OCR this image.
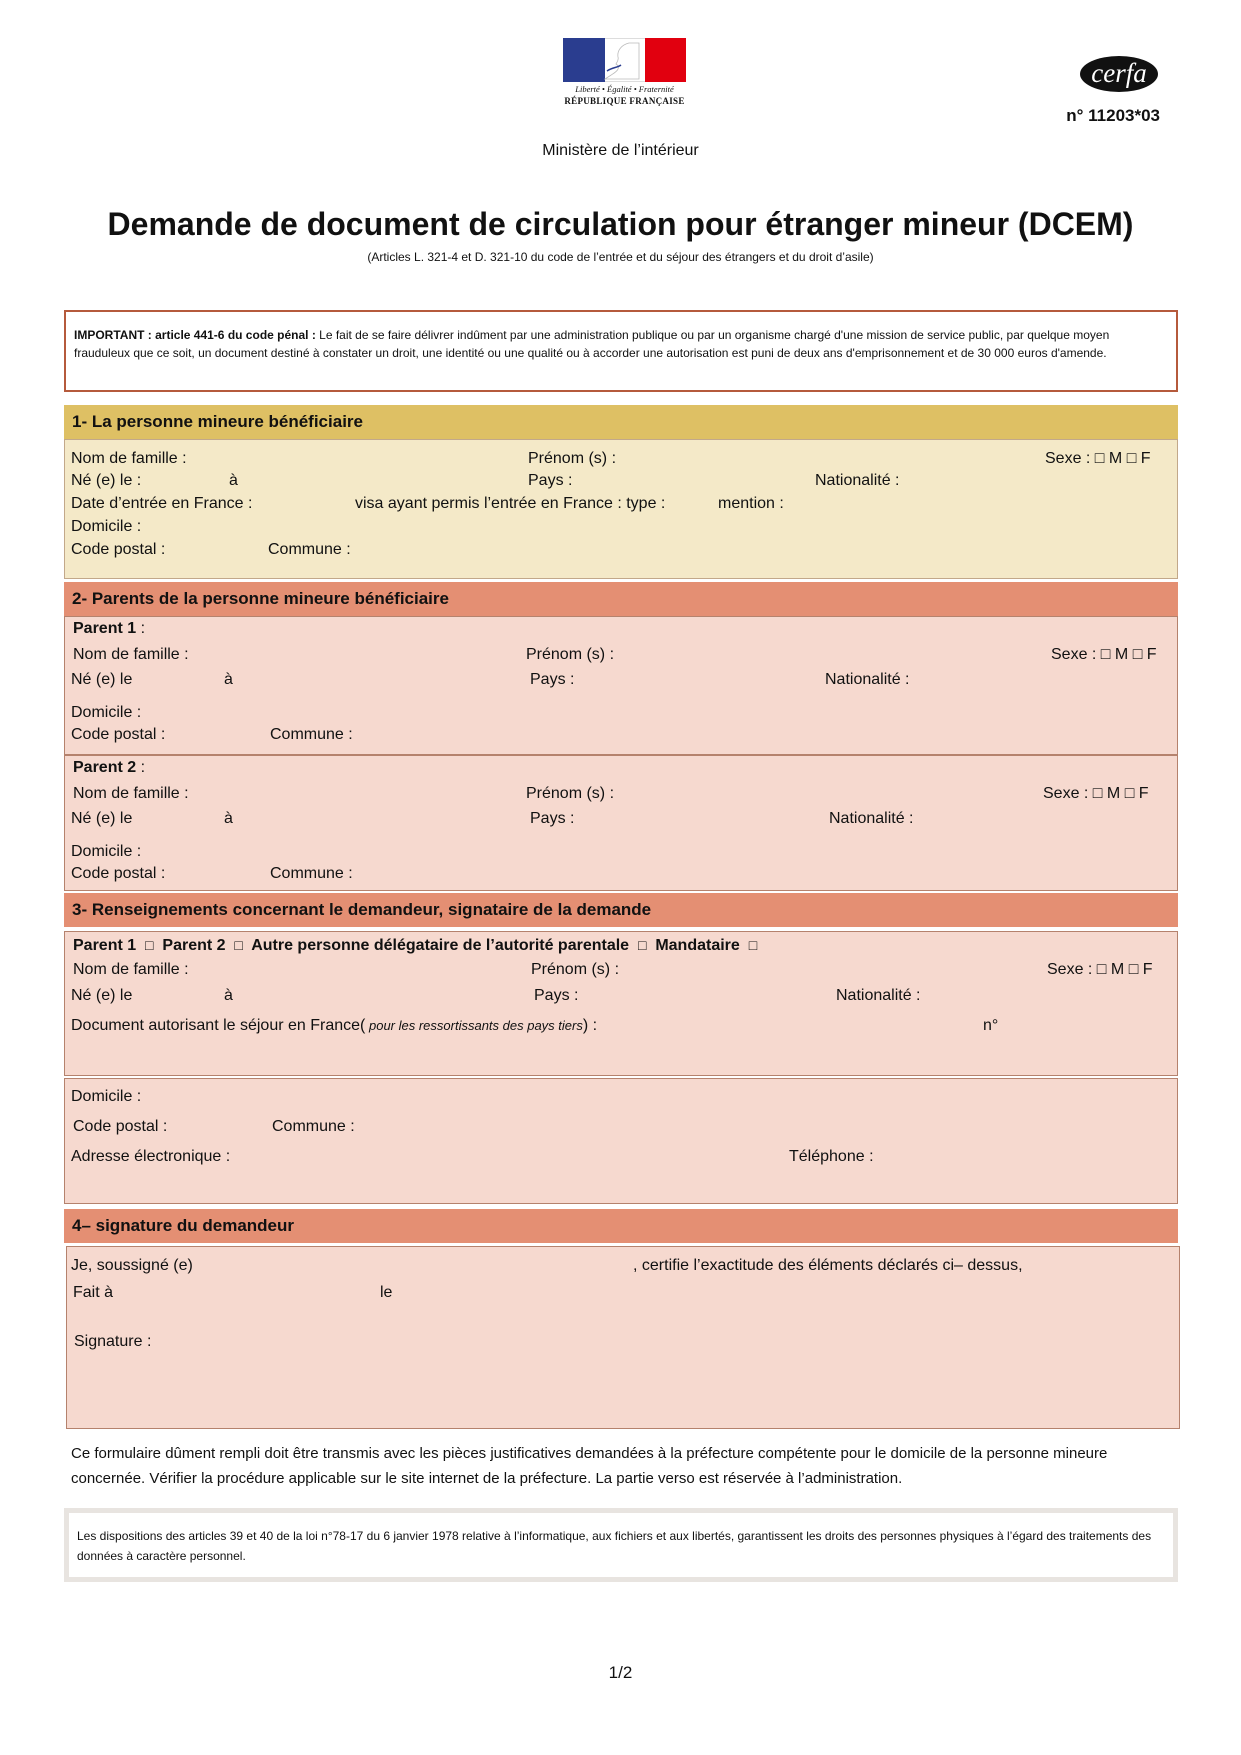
Liberté • Égalité • Fraternité
RÉPUBLIQUE FRANÇAISE
cerfa
n° 11203*03
Ministère de l’intérieur
Demande de document de circulation pour étranger mineur (DCEM)
(Articles L. 321-4 et D. 321-10 du code de l’entrée et du séjour des étrangers et du droit d’asile)
IMPORTANT : article 441-6 du code pénal : Le fait de se faire délivrer indûment par une administration publique ou par un organisme chargé d'une mission de service public, par quelque moyen frauduleux que ce soit, un document destiné à constater un droit, une identité ou une qualité ou à accorder une autorisation est puni de deux ans d'emprisonnement et de 30 000 euros d'amende.
1- La personne mineure bénéficiaire
Nom de famille :	Prénom (s) :	Sexe : □ M □ F
Né (e) le :	à	Pays :	Nationalité :
Date d’entrée en France :	visa ayant permis l’entrée en France : type :	mention :
Domicile :
Code postal :	Commune :
2- Parents de la personne mineure bénéficiaire
Parent 1 :
Nom de famille :	Prénom (s) :	Sexe : □ M □ F
Né (e) le	à	Pays :	Nationalité :
Domicile :
Code postal :	Commune :
Parent 2 :
Nom de famille :	Prénom (s) :	Sexe : □ M □ F
Né (e) le	à	Pays :	Nationalité :
Domicile :
Code postal :	Commune :
3- Renseignements concernant le demandeur, signataire de la demande
Parent 1 □ Parent 2 □ Autre personne délégataire de l’autorité parentale □ Mandataire □
Nom de famille :	Prénom (s) :	Sexe : □ M □ F
Né (e) le	à	Pays :	Nationalité :
Document autorisant le séjour en France( pour les ressortissants des pays tiers) :	n°
Domicile :
Code postal :	Commune :
Adresse électronique :	Téléphone :
4– signature du demandeur
Je, soussigné (e)	, certifie l’exactitude des éléments déclarés ci– dessus,
Fait à	le
Signature :
Ce formulaire dûment rempli doit être transmis avec les pièces justificatives demandées à la préfecture compétente pour le domicile de la personne mineure concernée. Vérifier la procédure applicable sur le site internet de la préfecture. La partie verso est réservée à l’administration.
Les dispositions des articles 39 et 40 de la loi n°78-17 du 6 janvier 1978 relative à l’informatique, aux fichiers et aux libertés, garantissent les droits des personnes physiques à l’égard des traitements des données à caractère personnel.
1/2
